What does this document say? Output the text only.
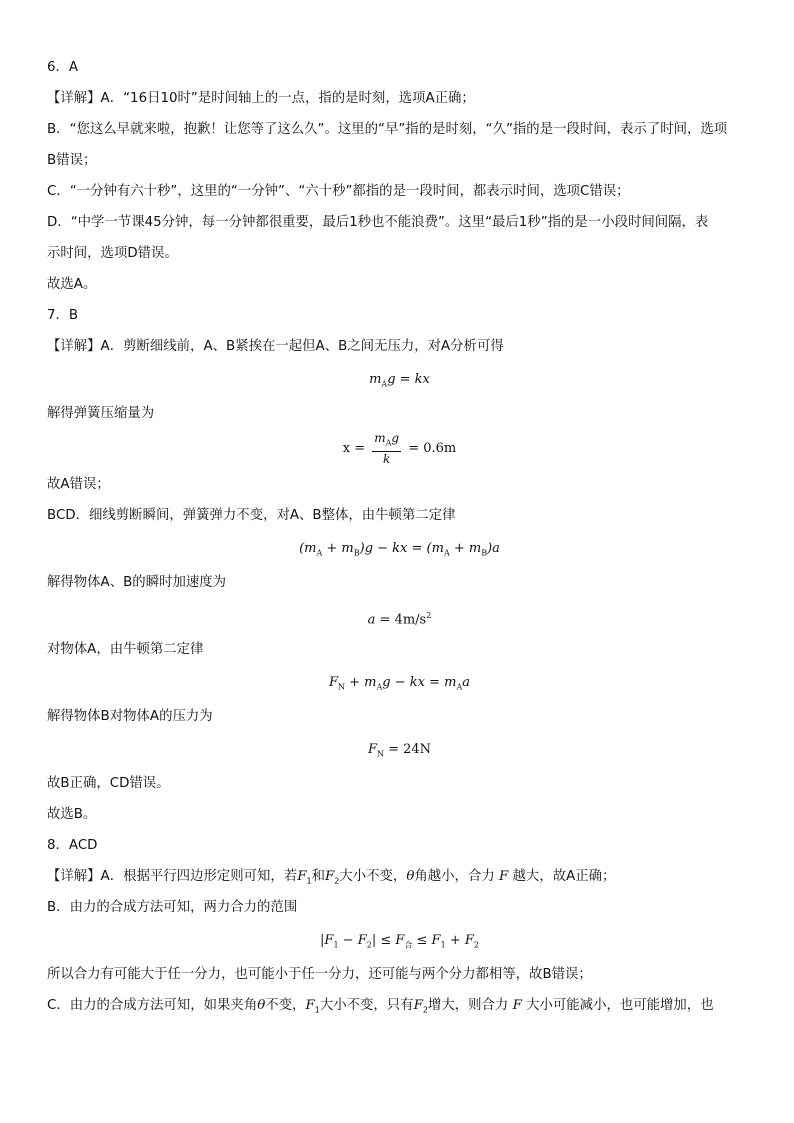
6．A
【详解】A．“16日10时”是时间轴上的一点，指的是时刻，选项A正确；
B．“您这么早就来啦，抱歉！让您等了这么久”。这里的“早”指的是时刻，“久”指的是一段时间，表示了时间，选项
B错误；
C．“一分钟有六十秒”，这里的“一分钟”、“六十秒”都指的是一段时间，都表示时间，选项C错误；
D．“中学一节课45分钟，每一分钟都很重要，最后1秒也不能浪费”。这里“最后1秒”指的是一小段时间间隔，表
示时间，选项D错误。
故选A。
7．B
【详解】A．剪断细线前，A、B紧挨在一起但A、B之间无压力，对A分析可得
$m_Ag$ = kx
解得弹簧压缩量为
$x = \frac{m_Ag}{k} = 0.6m$
故A错误；
BCD．细线剪断瞬间，弹簧弹力不变，对A、B整体，由牛顿第二定律
$(m_A + m_B)g$ − kx = $(m_A + m_B)a$
解得物体A、B的瞬时加速度为
$a = 4m/s^2$
对物体A，由牛顿第二定律
$F_N + m_Ag$ − kx = $m_Aa$
解得物体B对物体A的压力为
$F_N = 24N$
故B正确，CD错误。
故选B。
8．ACD
【详解】A．根据平行四边形定则可知，若$F_1$和$F_2$大小不变，θ角越小，合力 F 越大，故A正确；
B．由力的合成方法可知，两力合力的范围
$|F_1 - F_2| \le F_合 \le F_1 + F_2$
所以合力有可能大于任一分力，也可能小于任一分力，还可能与两个分力都相等，故B错误；
C．由力的合成方法可知，如果夹角θ不变，$F_1$大小不变，只有$F_2$增大，则合力 F 大小可能减小，也可能增加，也
